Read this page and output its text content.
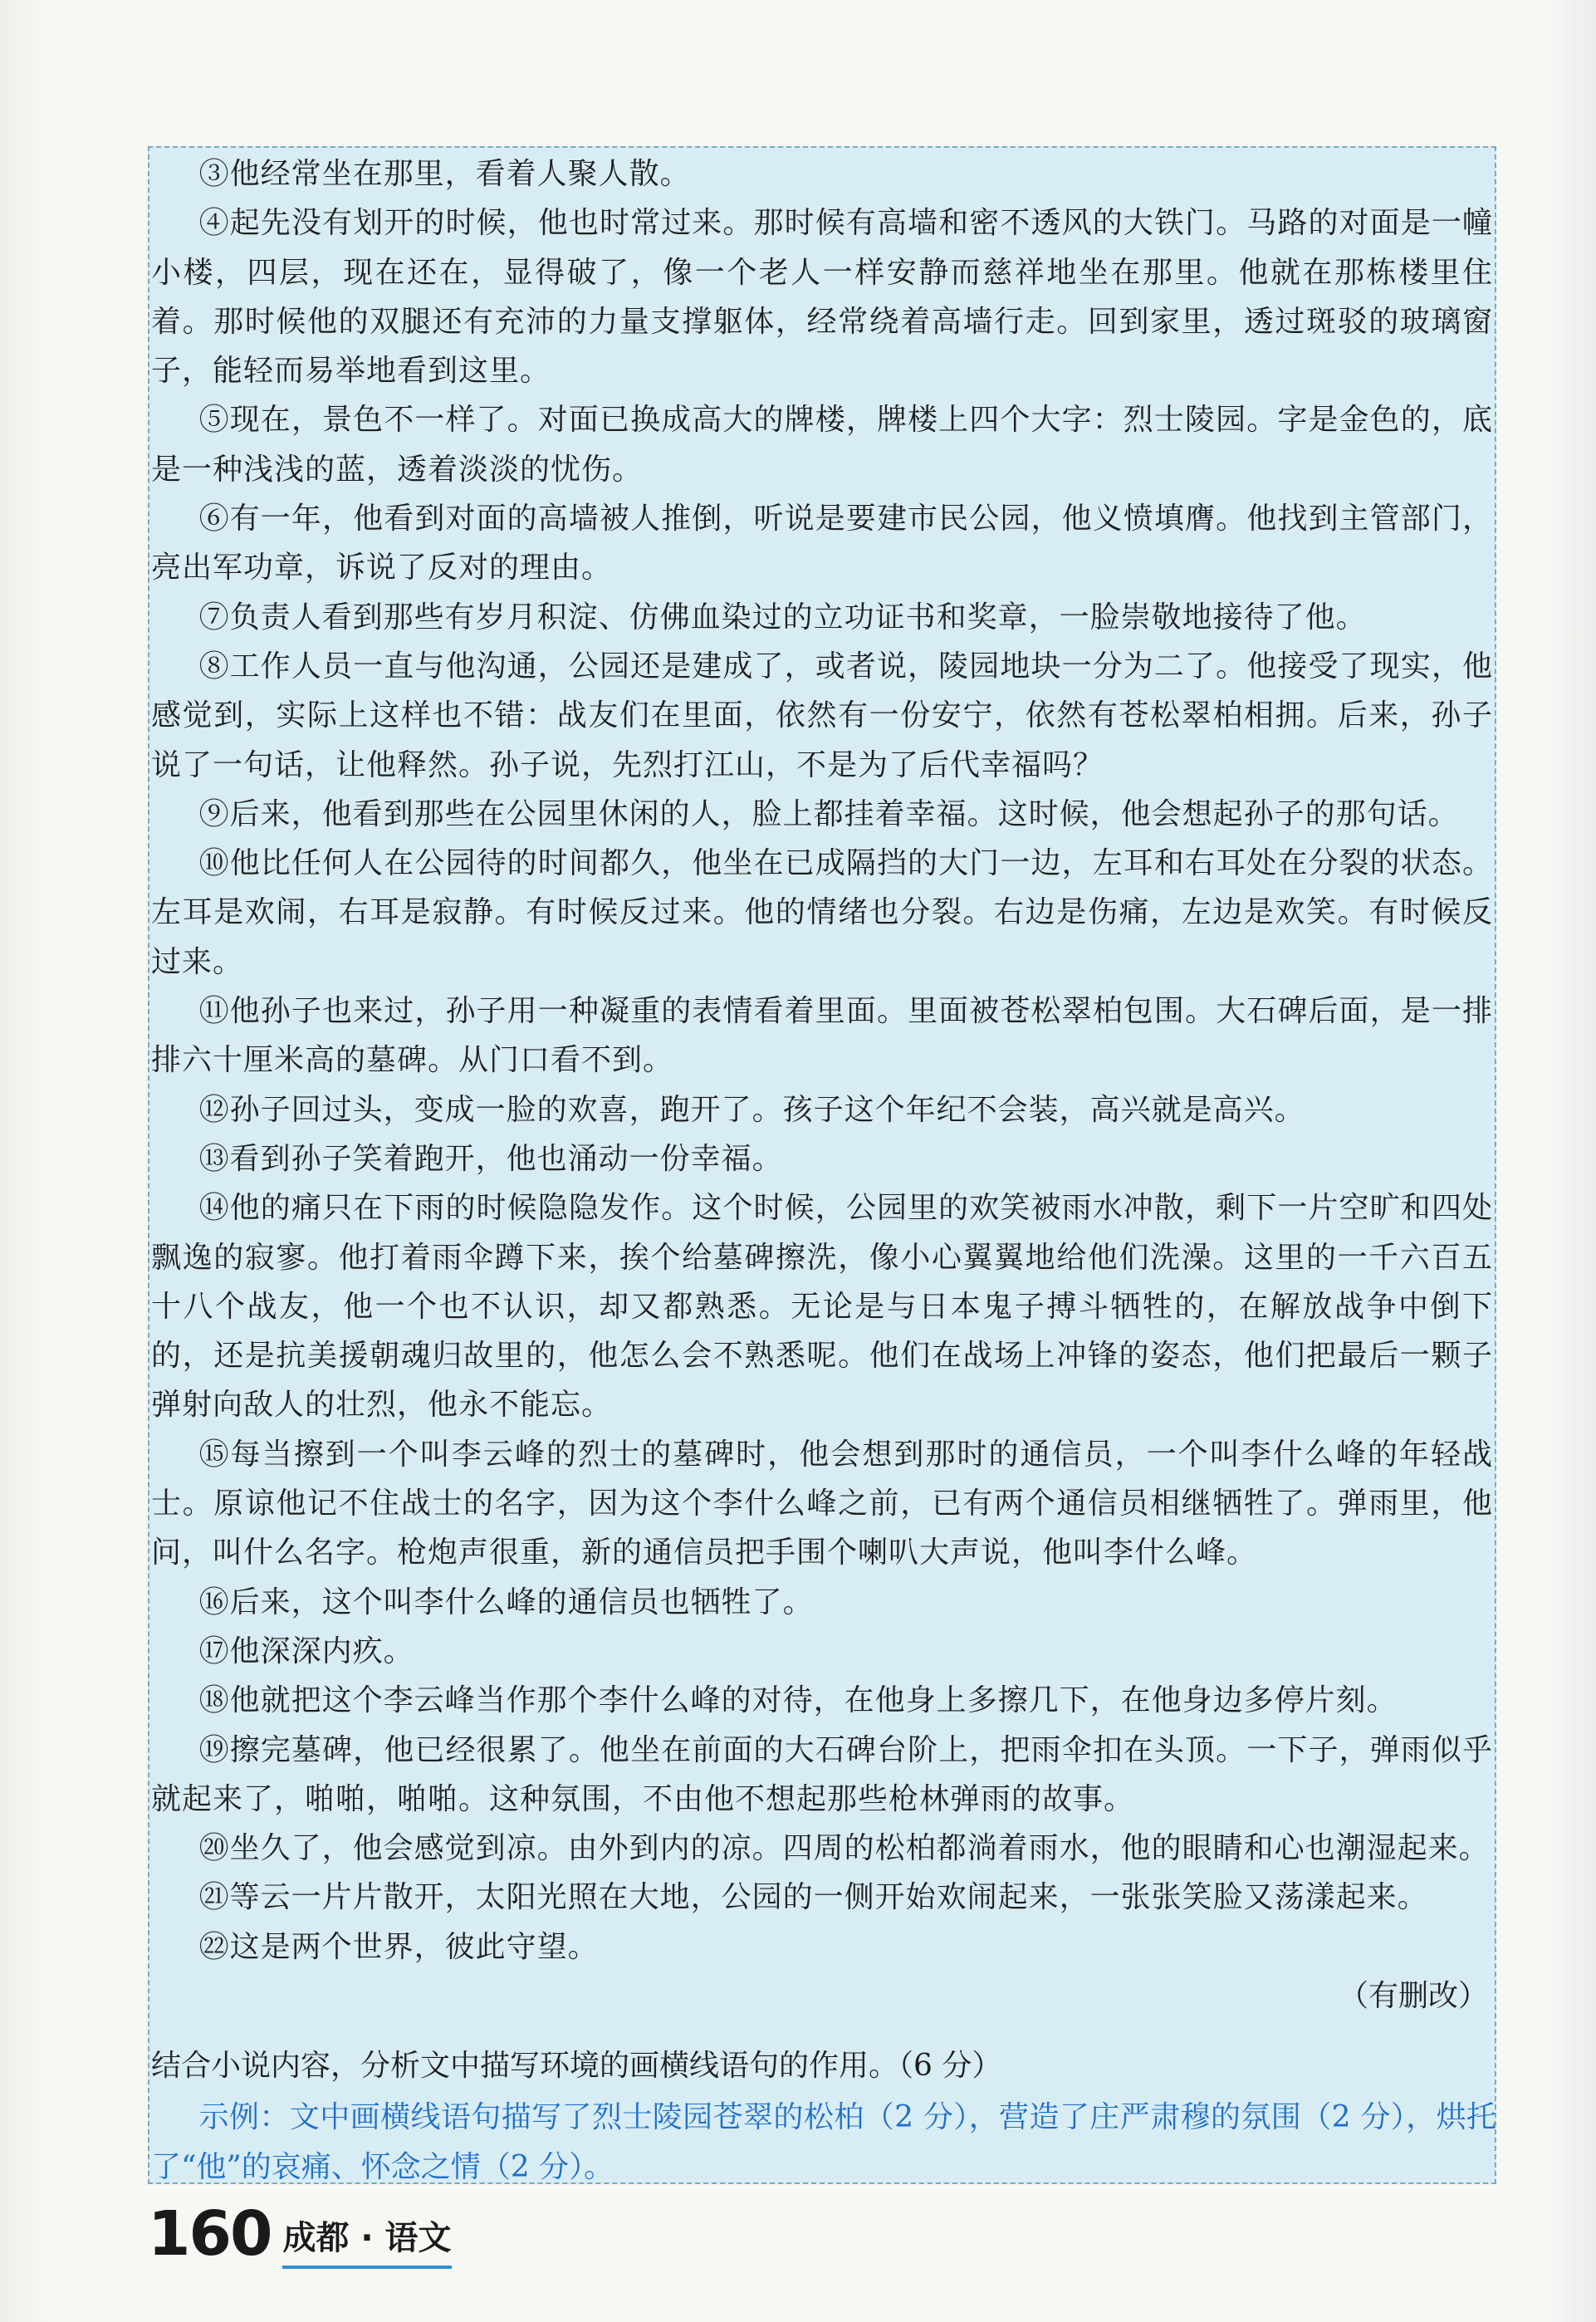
③他经常坐在那里，看着人聚人散。

④起先没有划开的时候，他也时常过来。那时候有高墙和密不透风的大铁门。马路的对面是一幢小楼，四层，现在还在，显得破了，像一个老人一样安静而慈祥地坐在那里。他就在那栋楼里住着。那时候他的双腿还有充沛的力量支撑躯体，经常绕着高墙行走。回到家里，透过斑驳的玻璃窗子，能轻而易举地看到这里。

⑤现在，景色不一样了。对面已换成高大的牌楼，牌楼上四个大字：烈士陵园。字是金色的，底是一种浅浅的蓝，透着淡淡的忧伤。

⑥有一年，他看到对面的高墙被人推倒，听说是要建市民公园，他义愤填膺。他找到主管部门，亮出军功章，诉说了反对的理由。

⑦负责人看到那些有岁月积淀、仿佛血染过的立功证书和奖章，一脸崇敬地接待了他。

⑧工作人员一直与他沟通，公园还是建成了，或者说，陵园地块一分为二了。他接受了现实，他感觉到，实际上这样也不错：战友们在里面，依然有一份安宁，依然有苍松翠柏相拥。后来，孙子说了一句话，让他释然。孙子说，先烈打江山，不是为了后代幸福吗？

⑨后来，他看到那些在公园里休闲的人，脸上都挂着幸福。这时候，他会想起孙子的那句话。

⑩他比任何人在公园待的时间都久，他坐在已成隔挡的大门一边，左耳和右耳处在分裂的状态。左耳是欢闹，右耳是寂静。有时候反过来。他的情绪也分裂。右边是伤痛，左边是欢笑。有时候反过来。

⑪他孙子也来过，孙子用一种凝重的表情看着里面。里面被苍松翠柏包围。大石碑后面，是一排排六十厘米高的墓碑。从门口看不到。

⑫孙子回过头，变成一脸的欢喜，跑开了。孩子这个年纪不会装，高兴就是高兴。

⑬看到孙子笑着跑开，他也涌动一份幸福。

⑭他的痛只在下雨的时候隐隐发作。这个时候，公园里的欢笑被雨水冲散，剩下一片空旷和四处飘逸的寂寥。他打着雨伞蹲下来，挨个给墓碑擦洗，像小心翼翼地给他们洗澡。这里的一千六百五十八个战友，他一个也不认识，却又都熟悉。无论是与日本鬼子搏斗牺牲的，在解放战争中倒下的，还是抗美援朝魂归故里的，他怎么会不熟悉呢。他们在战场上冲锋的姿态，他们把最后一颗子弹射向敌人的壮烈，他永不能忘。

⑮每当擦到一个叫李云峰的烈士的墓碑时，他会想到那时的通信员，一个叫李什么峰的年轻战士。原谅他记不住战士的名字，因为这个李什么峰之前，已有两个通信员相继牺牲了。弹雨里，他问，叫什么名字。枪炮声很重，新的通信员把手围个喇叭大声说，他叫李什么峰。

⑯后来，这个叫李什么峰的通信员也牺牲了。

⑰他深深内疚。

⑱他就把这个李云峰当作那个李什么峰的对待，在他身上多擦几下，在他身边多停片刻。

⑲擦完墓碑，他已经很累了。他坐在前面的大石碑台阶上，把雨伞扣在头顶。一下子，弹雨似乎就起来了，啪啪，啪啪。这种氛围，不由他不想起那些枪林弹雨的故事。

⑳坐久了，他会感觉到凉。由外到内的凉。四周的松柏都淌着雨水，他的眼睛和心也潮湿起来。

㉑等云一片片散开，太阳光照在大地，公园的一侧开始欢闹起来，一张张笑脸又荡漾起来。

㉒这是两个世界，彼此守望。

（有删改）

结合小说内容，分析文中描写环境的画横线语句的作用。（6 分）

示例：文中画横线语句描写了烈士陵园苍翠的松柏（2 分），营造了庄严肃穆的氛围（2 分），烘托了“他”的哀痛、怀念之情（2 分）。

160 成都 · 语文
